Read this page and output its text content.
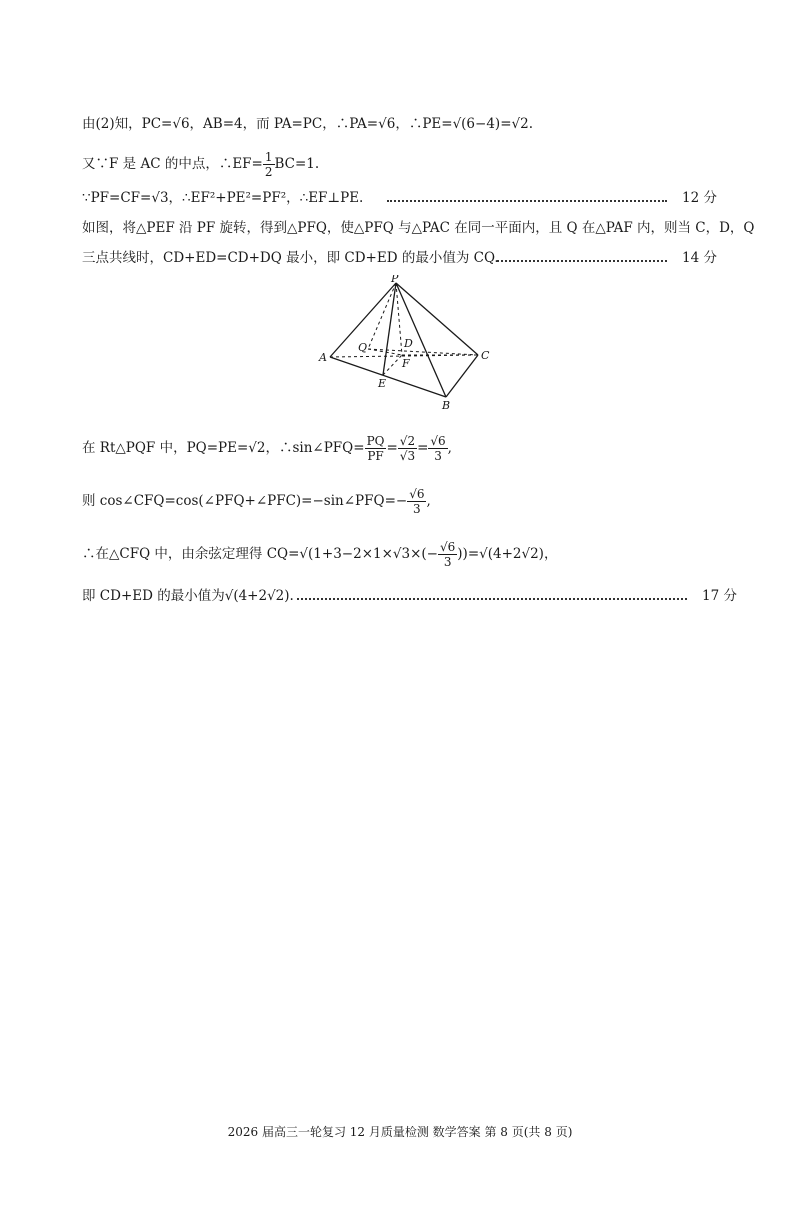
由(2)知，PC=√6，AB=4，而 PA=PC，∴PA=√6，∴PE=√(6−4)=√2.
又∵F 是 AC 的中点，∴EF= $\frac{1}{2} BC=1$.
∵PF=CF=√3，∴EF²+PE²=PF²，∴EF⊥PE.	12 分
如图，将△PEF 沿 PF 旋转，得到△PFQ，使△PFQ 与△PAC 在同一平面内，且 Q 在△PAF 内，则当 C，D，Q
三点共线时，CD+ED=CD+DQ 最小，即 CD+ED 的最小值为 CQ.	14 分
P
A
B
C
D
E
F
Q
在 Rt△PQF 中，PQ=PE=√2，∴sin∠PFQ= $\frac{PQ}{PF} = \frac{√2}{√3} = \frac{√6}{3}$ ,
则 cos∠CFQ=cos(∠PFQ+∠PFC)=−sin∠PFQ=− $\frac{√6}{3}$ ,
∴在△CFQ 中，由余弦定理得 $CQ=√(1+3-2\times 1\times√3\times(- \frac{√6}{3} ))=√(4+2√2)$，
即 CD+ED 的最小值为√(4+2√2).	17 分
2026 届高三一轮复习 12 月质量检测 数学答案 第 8 页(共 8 页)
